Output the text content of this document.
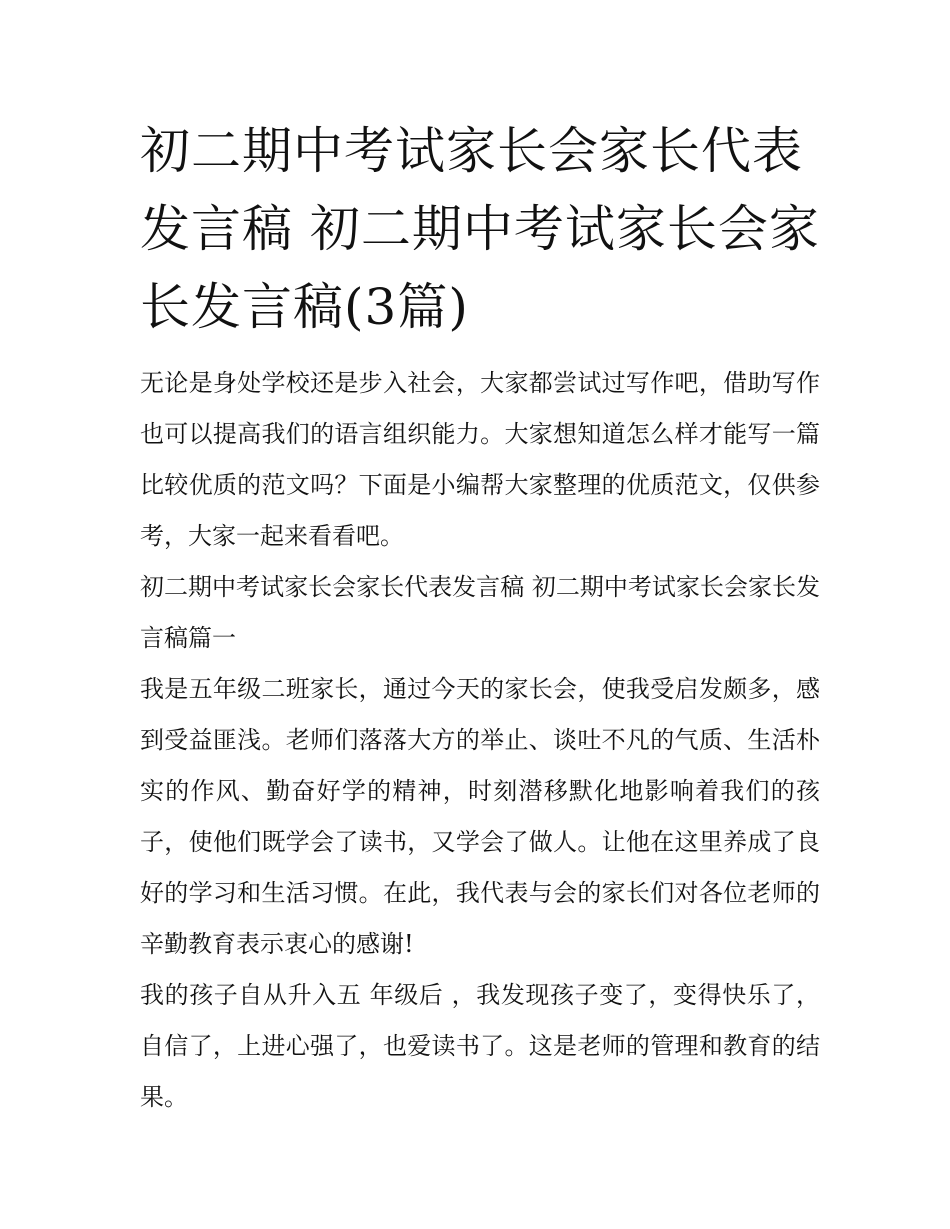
初二期中考试家长会家长代表发言稿 初二期中考试家长会家长发言稿(3篇)

无论是身处学校还是步入社会，大家都尝试过写作吧，借助写作也可以提高我们的语言组织能力。大家想知道怎么样才能写一篇比较优质的范文吗？下面是小编帮大家整理的优质范文，仅供参考，大家一起来看看吧。

初二期中考试家长会家长代表发言稿 初二期中考试家长会家长发言稿篇一

我是五年级二班家长，通过今天的家长会，使我受启发颇多，感到受益匪浅。老师们落落大方的举止、谈吐不凡的气质、生活朴实的作风、勤奋好学的精神，时刻潜移默化地影响着我们的孩子，使他们既学会了读书，又学会了做人。让他在这里养成了良好的学习和生活习惯。在此，我代表与会的家长们对各位老师的辛勤教育表示衷心的感谢!

我的孩子自从升入五 年级后 ，我发现孩子变了，变得快乐了，自信了，上进心强了，也爱读书了。这是老师的管理和教育的结果。
